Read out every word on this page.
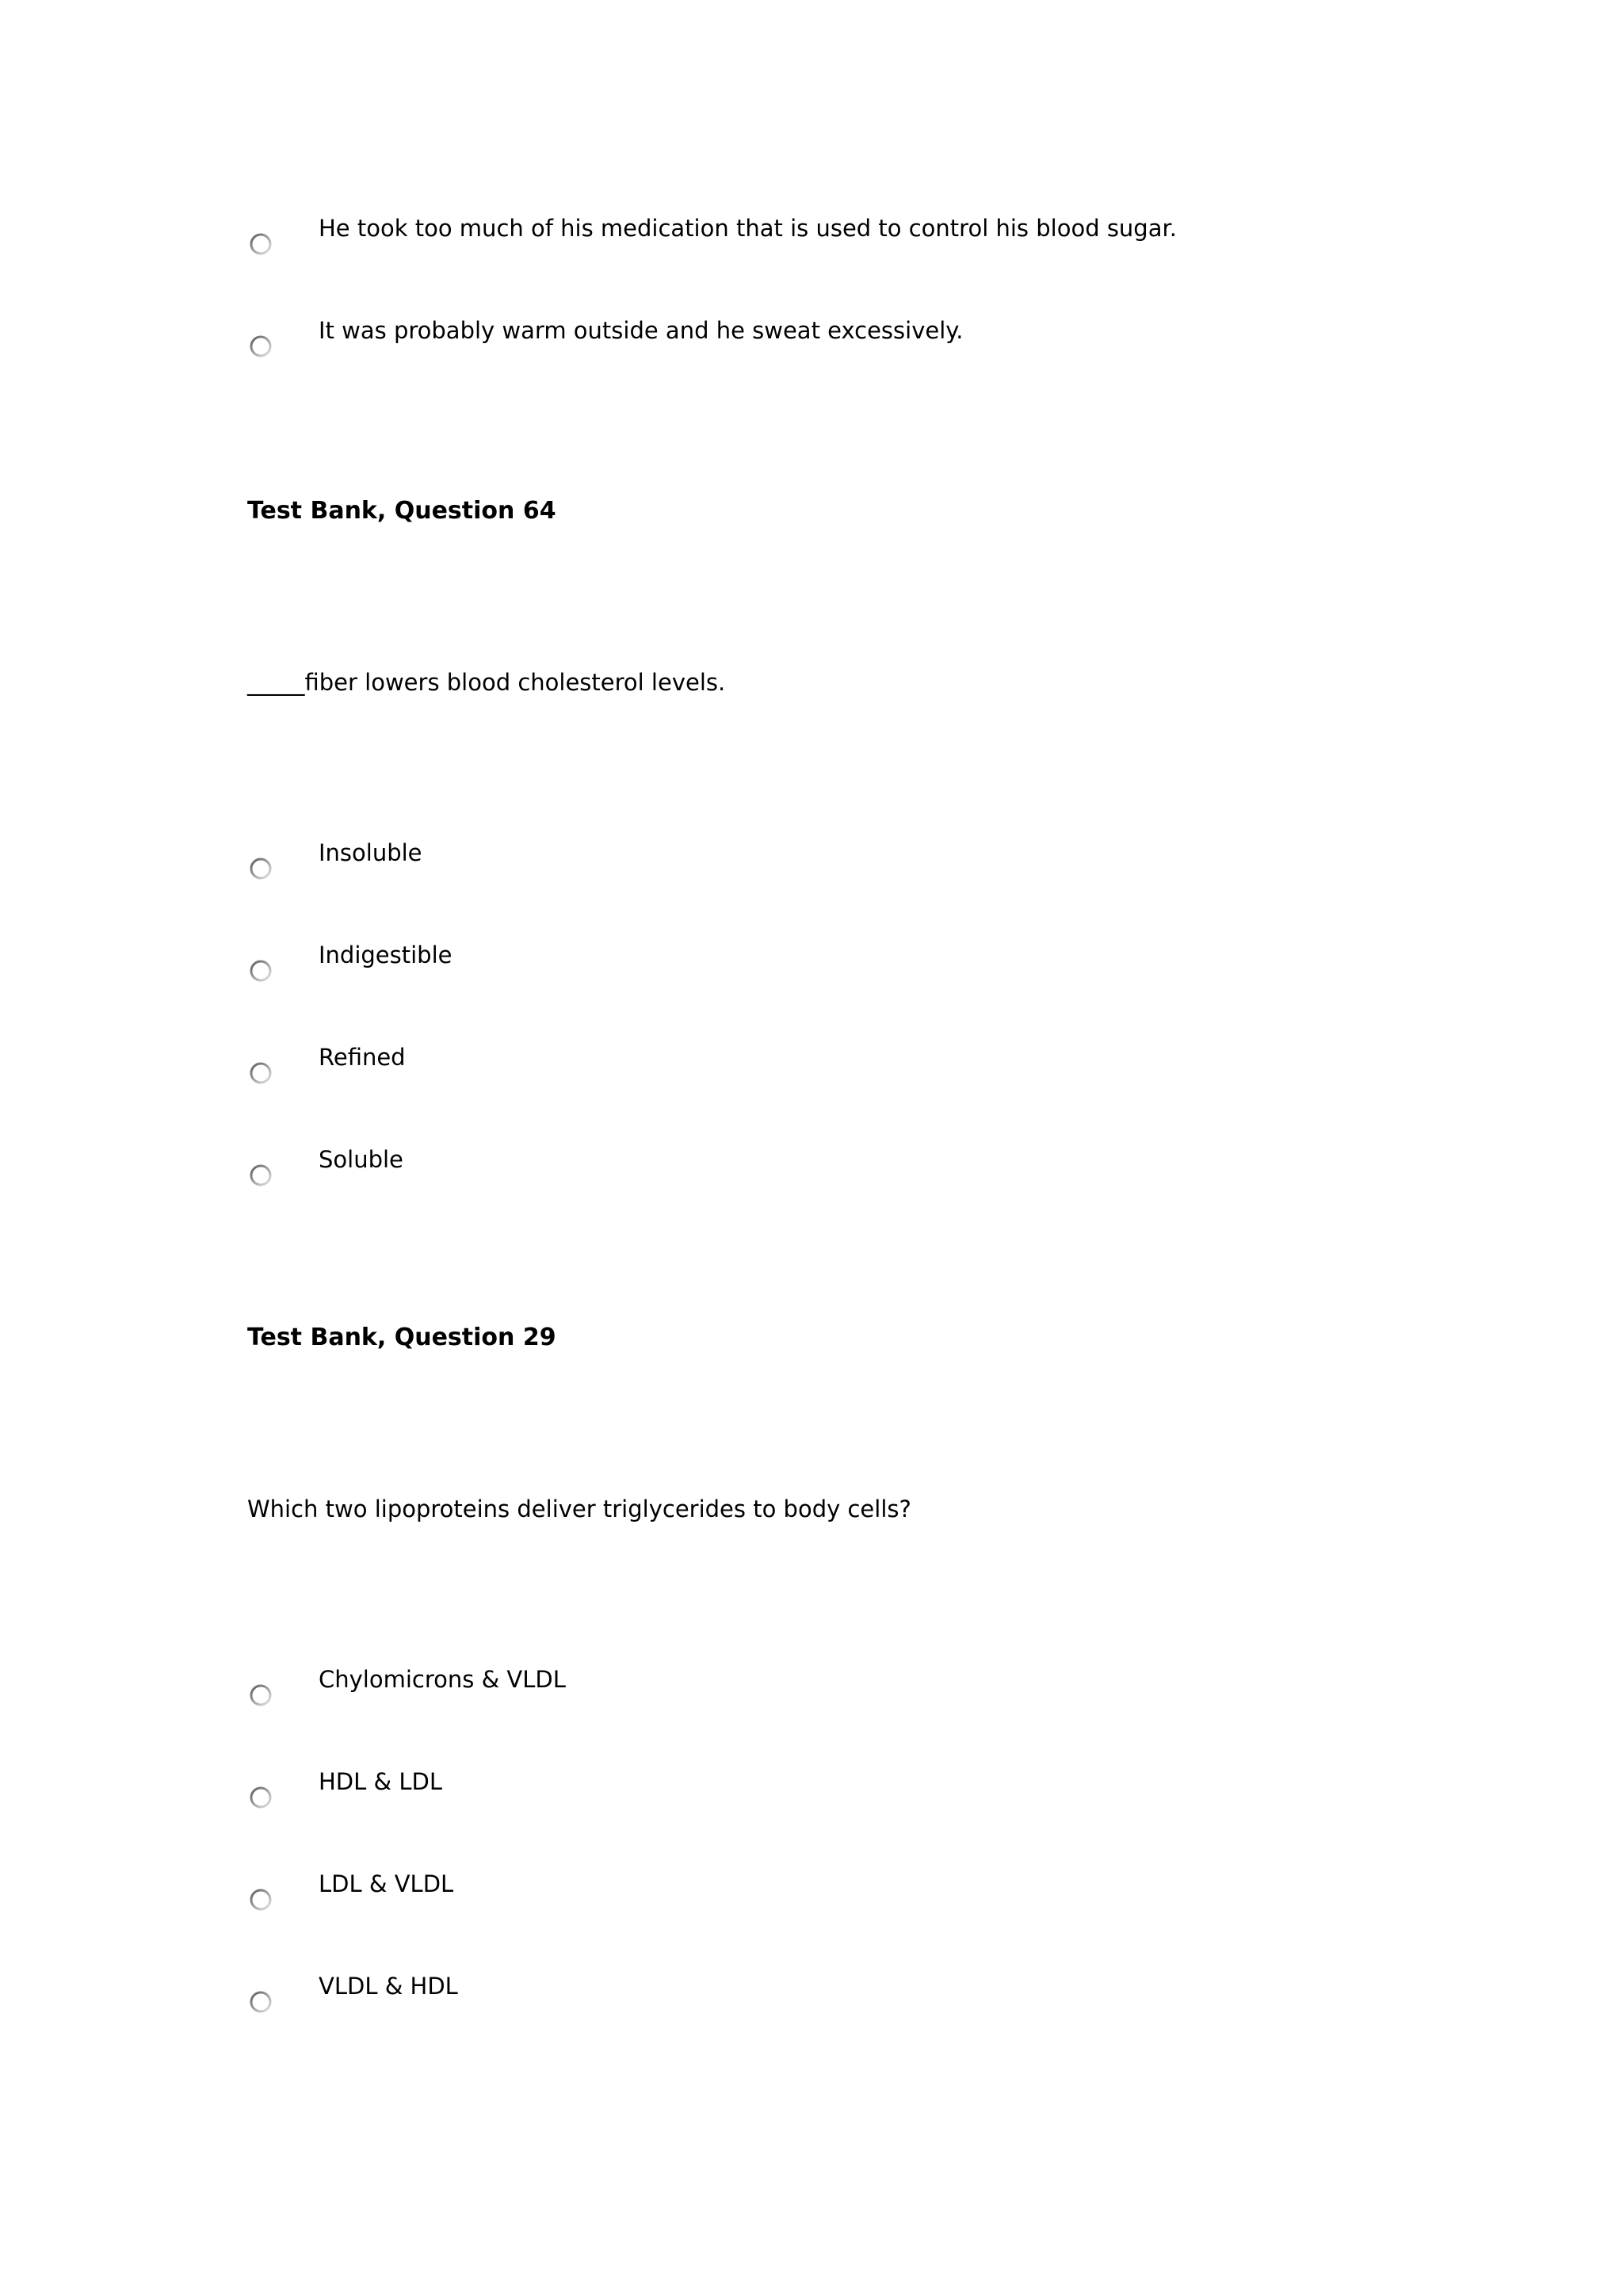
He took too much of his medication that is used to control his blood sugar.
It was probably warm outside and he sweat excessively.
Test Bank, Question 64
_____fiber lowers blood cholesterol levels.
Insoluble
Indigestible
Refined
Soluble
Test Bank, Question 29
Which two lipoproteins deliver triglycerides to body cells?
Chylomicrons & VLDL
HDL & LDL
LDL & VLDL
VLDL & HDL
